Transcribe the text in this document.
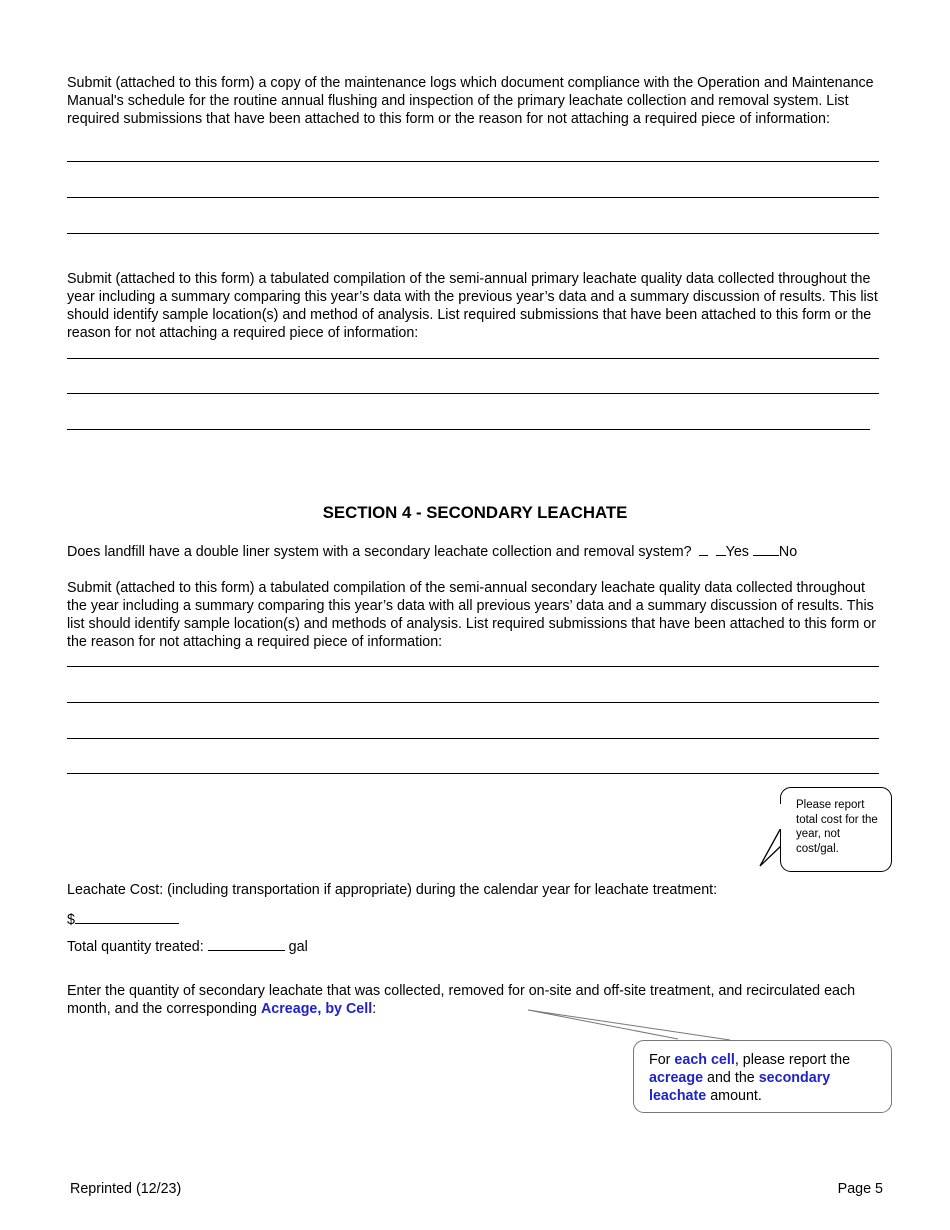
Submit (attached to this form) a copy of the maintenance logs which document compliance with the Operation and Maintenance Manual's schedule for the routine annual flushing and inspection of the primary leachate collection and removal system. List required submissions that have been attached to this form or the reason for not attaching a required piece of information:

Submit (attached to this form) a tabulated compilation of the semi-annual primary leachate quality data collected throughout the year including a summary comparing this year’s data with the previous year’s data and a summary discussion of results. This list should identify sample location(s) and method of analysis. List required submissions that have been attached to this form or the reason for not attaching a required piece of information:

SECTION 4 - SECONDARY LEACHATE

Does landfill have a double liner system with a secondary leachate collection and removal system? Yes No

Submit (attached to this form) a tabulated compilation of the semi-annual secondary leachate quality data collected throughout the year including a summary comparing this year’s data with all previous years’ data and a summary discussion of results. This list should identify sample location(s) and methods of analysis. List required submissions that have been attached to this form or the reason for not attaching a required piece of information:

Please report total cost for the year, not cost/gal.

Leachate Cost: (including transportation if appropriate) during the calendar year for leachate treatment:

$

Total quantity treated:	gal

Enter the quantity of secondary leachate that was collected, removed for on-site and off-site treatment, and recirculated each month, and the corresponding Acreage, by Cell:

For each cell, please report the acreage and the secondary leachate amount.

Reprinted (12/23)	Page 5
